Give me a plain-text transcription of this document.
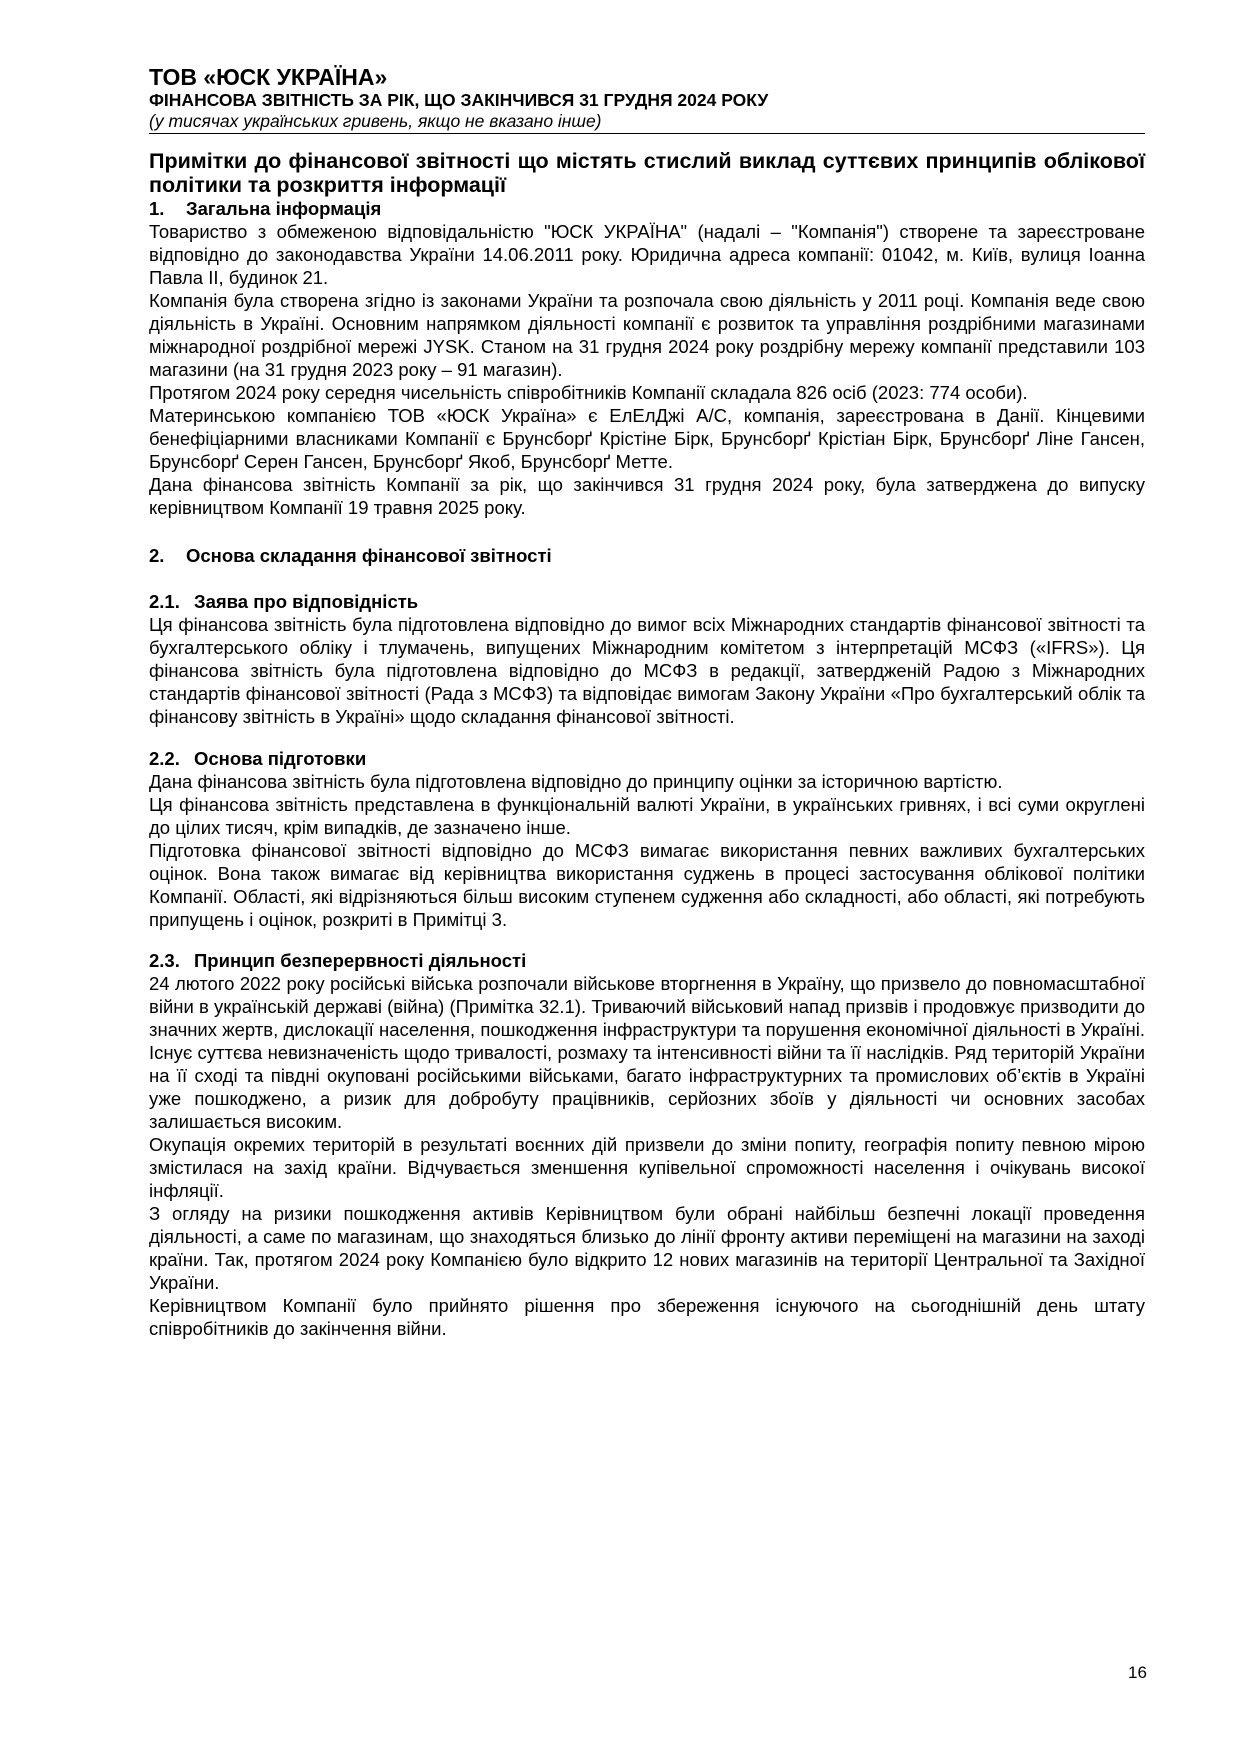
ТОВ «ЮСК УКРАЇНА»
ФІНАНСОВА ЗВІТНІСТЬ ЗА РІК, ЩО ЗАКІНЧИВСЯ 31 ГРУДНЯ 2024 РОКУ
(у тисячах українських гривень, якщо не вказано інше)
Примітки до фінансової звітності що містять стислий виклад суттєвих принципів облікової політики та розкриття інформації
1. Загальна інформація

Товариство з обмеженою відповідальністю "ЮСК УКРАЇНА" (надалі – "Компанія") створене та зареєстроване відповідно до законодавства України 14.06.2011 року. Юридична адреса компанії: 01042, м. Київ, вулиця Іоанна Павла ІІ, будинок 21.

Компанія була створена згідно із законами України та розпочала свою діяльність у 2011 році. Компанія веде свою діяльність в Україні. Основним напрямком діяльності компанії є розвиток та управління роздрібними магазинами міжнародної роздрібної мережі JYSK. Станом на 31 грудня 2024 року роздрібну мережу компанії представили 103 магазини (на 31 грудня 2023 року – 91 магазин).

Протягом 2024 року середня чисельність співробітників Компанії складала 826 осіб (2023: 774 особи).

Материнською компанією ТОВ «ЮСК Україна» є ЕлЕлДжі А/С, компанія, зареєстрована в Данії. Кінцевими бенефіціарними власниками Компанії є Брунсборґ Крістіне Бірк, Брунсборґ Крістіан Бірк, Брунсборґ Ліне Гансен, Брунсборґ Серен Гансен, Брунсборґ Якоб, Брунсборґ Метте.

Дана фінансова звітність Компанії за рік, що закінчився 31 грудня 2024 року, була затверджена до випуску керівництвом Компанії 19 травня 2025 року.

2. Основа складання фінансової звітності
2.1. Заява про відповідність

Ця фінансова звітність була підготовлена відповідно до вимог всіх Міжнародних стандартів фінансової звітності та бухгалтерського обліку і тлумачень, випущених Міжнародним комітетом з інтерпретацій МСФЗ («IFRS»). Ця фінансова звітність була підготовлена відповідно до МСФЗ в редакції, затвердженій Радою з Міжнародних стандартів фінансової звітності (Рада з МСФЗ) та відповідає вимогам Закону України «Про бухгалтерський облік та фінансову звітність в Україні» щодо складання фінансової звітності.

2.2. Основа підготовки

Дана фінансова звітність була підготовлена відповідно до принципу оцінки за історичною вартістю.

Ця фінансова звітність представлена в функціональній валюті України, в українських гривнях, і всі суми округлені до цілих тисяч, крім випадків, де зазначено інше.

Підготовка фінансової звітності відповідно до МСФЗ вимагає використання певних важливих бухгалтерських оцінок. Вона також вимагає від керівництва використання суджень в процесі застосування облікової політики Компанії. Області, які відрізняються більш високим ступенем судження або складності, або області, які потребують припущень і оцінок, розкриті в Примітці 3.

2.3. Принцип безперервності діяльності

24 лютого 2022 року російські війська розпочали військове вторгнення в Україну, що призвело до повномасштабної війни в українській державі (війна) (Примітка 32.1). Триваючий військовий напад призвів і продовжує призводити до значних жертв, дислокації населення, пошкодження інфраструктури та порушення економічної діяльності в Україні. Існує суттєва невизначеність щодо тривалості, розмаху та інтенсивності війни та її наслідків. Ряд територій України на її сході та півдні окуповані російськими військами, багато інфраструктурних та промислових об’єктів в Україні уже пошкоджено, а ризик для добробуту працівників, серйозних збоїв у діяльності чи основних засобах залишається високим.

Окупація окремих територій в результаті воєнних дій призвели до зміни попиту, географія попиту певною мірою змістилася на захід країни. Відчувається зменшення купівельної спроможності населення і очікувань високої інфляції.

З огляду на ризики пошкодження активів Керівництвом були обрані найбільш безпечні локації проведення діяльності, а саме по магазинам, що знаходяться близько до лінії фронту активи переміщені на магазини на заході країни. Так, протягом 2024 року Компанією було відкрито 12 нових магазинів на території Центральної та Західної України.

Керівництвом Компанії було прийнято рішення про збереження існуючого на сьогоднішній день штату співробітників до закінчення війни.

16
